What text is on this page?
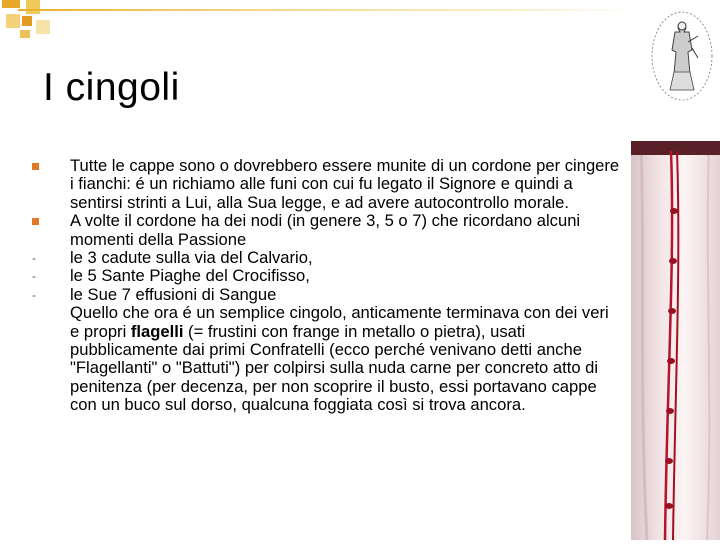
I cingoli
Tutte le cappe sono o dovrebbero essere munite di un cordone per cingere i fianchi: é un richiamo alle funi con cui fu legato il Signore e quindi a sentirsi strinti a Lui, alla Sua legge, e ad avere autocontrollo morale.
A volte il cordone ha dei nodi (in genere 3, 5 o 7) che ricordano alcuni momenti della Passione
-	le 3 cadute sulla via del Calvario,
-	le 5 Sante Piaghe del Crocifisso,
-	le Sue 7 effusioni di Sangue
Quello che ora é un semplice cingolo, anticamente terminava con dei veri e propri flagelli (= frustini con frange in metallo o pietra), usati pubblicamente dai primi Confratelli (ecco perché venivano detti anche "Flagellanti" o "Battuti") per colpirsi sulla nuda carne per concreto atto di penitenza (per decenza, per non scoprire il busto, essi portavano cappe con un buco sul dorso, qualcuna foggiata così si trova ancora.
